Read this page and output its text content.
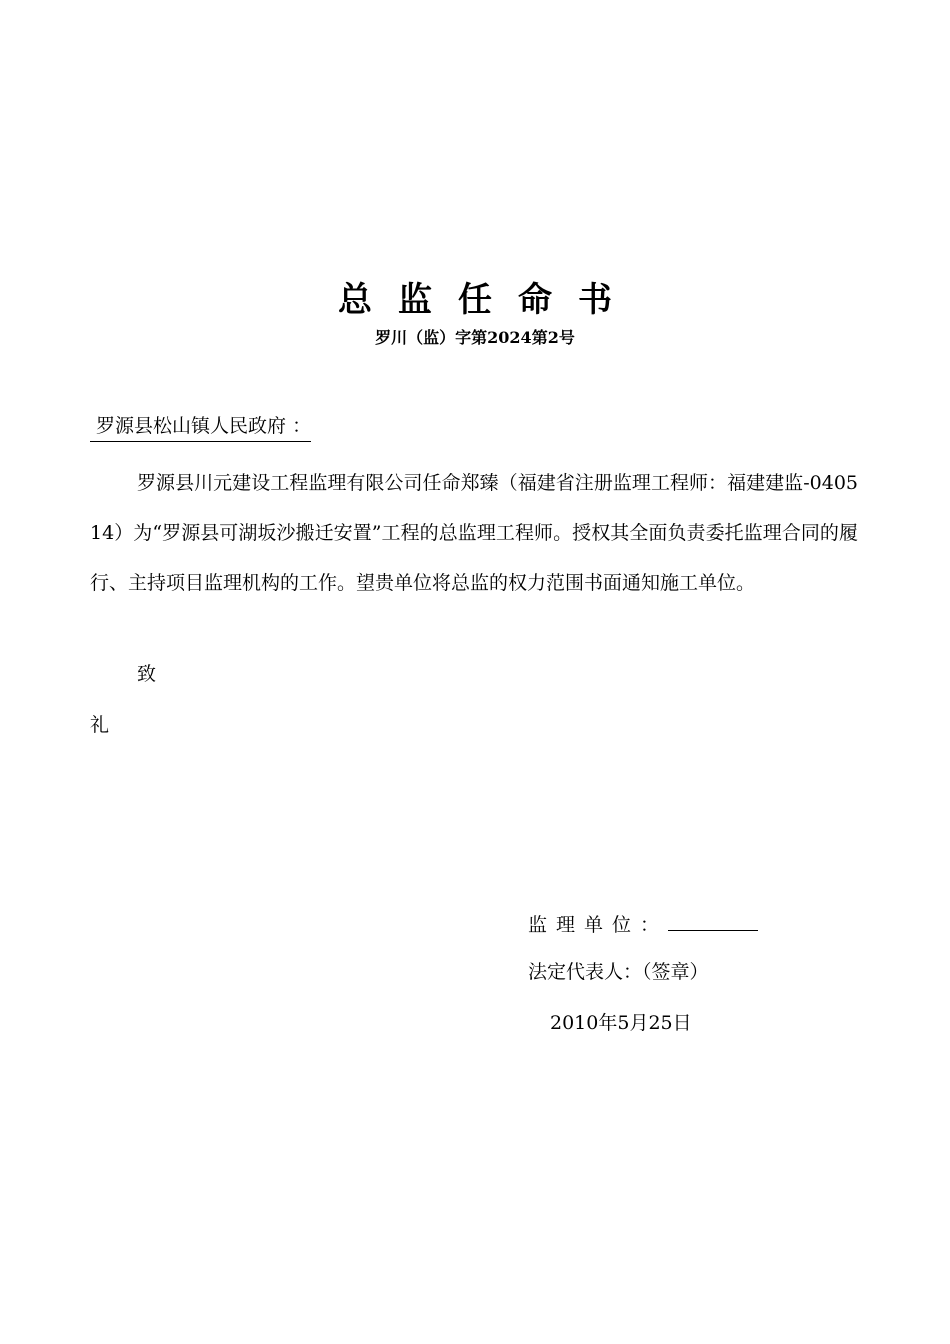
总监任命书
罗川（监）字第2024第2号
罗源县松山镇人民政府 ：

罗源县川元建设工程监理有限公司任命郑臻（福建省注册监理工程师：福建建监-040514）为“罗源县可湖坂沙搬迁安置”工程的总监理工程师。授权其全面负责委托监理合同的履行、主持项目监理机构的工作。望贵单位将总监的权力范围书面通知施工单位。

致
礼
监理单位：
法定代表人：（签章）
2010年5月25日
